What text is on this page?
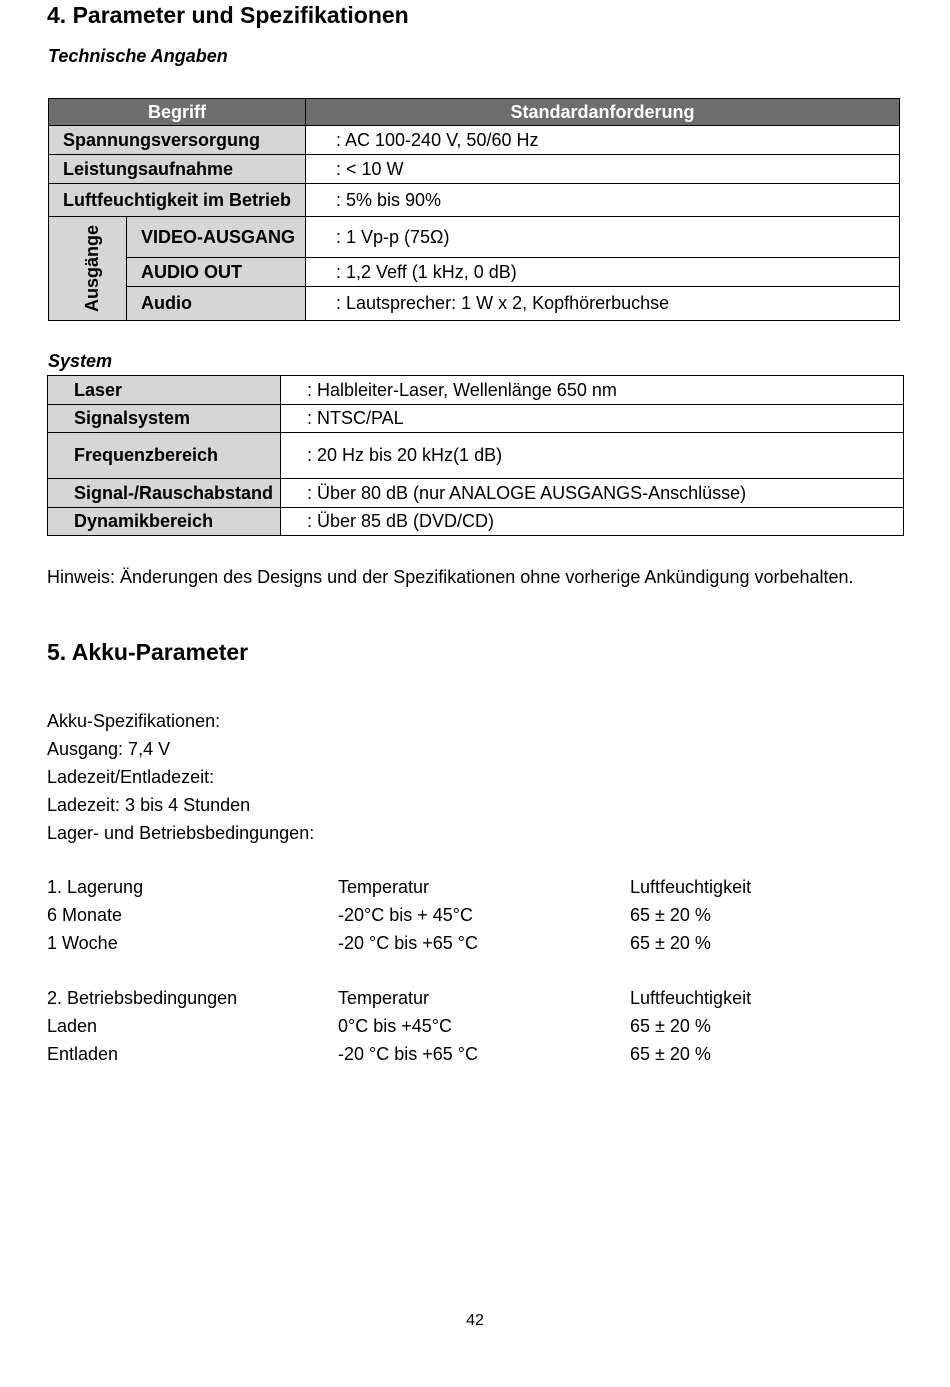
4. Parameter und Spezifikationen
Technische Angaben
Begriff		Standardanforderung
Spannungsversorgung		: AC 100-240 V, 50/60 Hz
Leistungsaufnahme		: < 10 W
Luftfeuchtigkeit im Betrieb		: 5% bis 90%
Ausgänge	VIDEO-AUSGANG	: 1 Vp-p (75Ω)
	AUDIO OUT	: 1,2 Veff (1 kHz, 0 dB)
	Audio	: Lautsprecher: 1 W x 2, Kopfhörerbuchse
System
Laser	: Halbleiter-Laser, Wellenlänge 650 nm
Signalsystem	: NTSC/PAL
Frequenzbereich	: 20 Hz bis 20 kHz(1 dB)
Signal-/Rauschabstand	: Über 80 dB (nur ANALOGE AUSGANGS-Anschlüsse)
Dynamikbereich	: Über 85 dB (DVD/CD)
Hinweis: Änderungen des Designs und der Spezifikationen ohne vorherige Ankündigung vorbehalten.
5. Akku-Parameter
Akku-Spezifikationen:
Ausgang: 7,4 V
Ladezeit/Entladezeit:
Ladezeit: 3 bis 4 Stunden
Lager- und Betriebsbedingungen:
1. Lagerung	Temperatur	Luftfeuchtigkeit
6 Monate	-20°C bis + 45°C	65 ± 20 %
1 Woche	-20 °C bis +65 °C	65 ± 20 %
2. Betriebsbedingungen	Temperatur	Luftfeuchtigkeit
Laden	0°C bis +45°C	65 ± 20 %
Entladen	-20 °C bis +65 °C	65 ± 20 %
42
